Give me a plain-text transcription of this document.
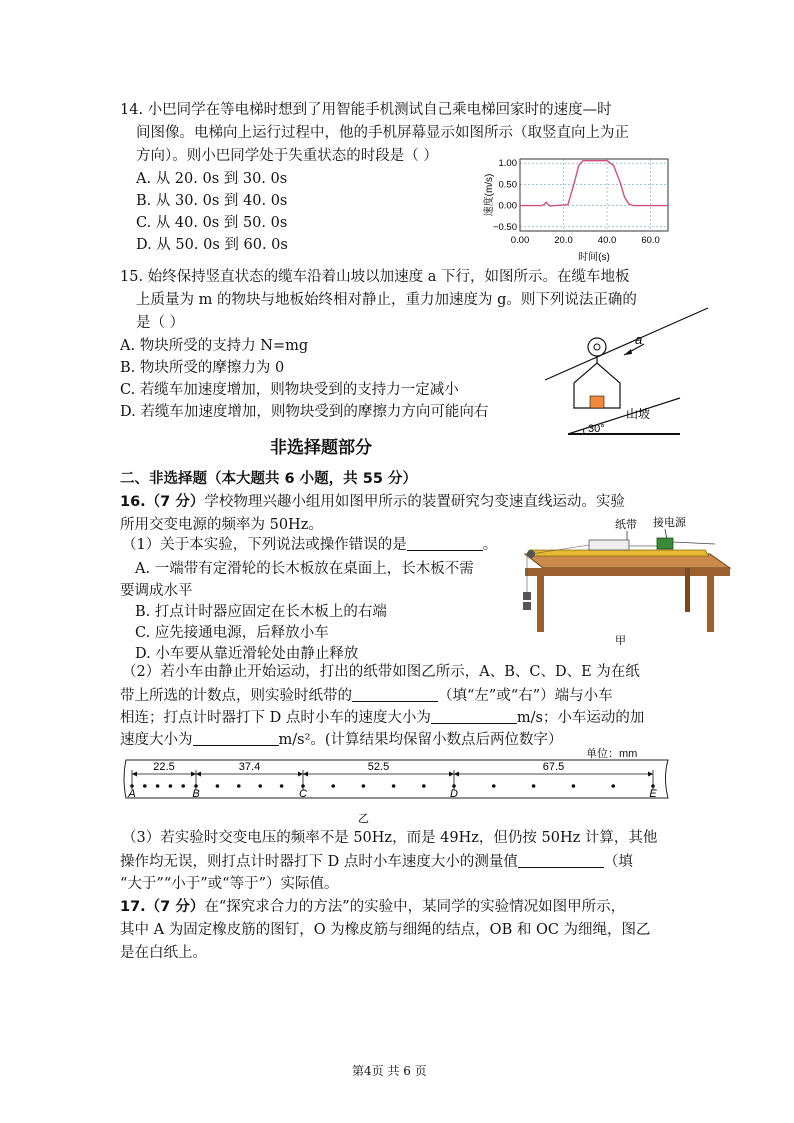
14. 小巴同学在等电梯时想到了用智能手机测试自己乘电梯回家时的速度—时
间图像。电梯向上运行过程中，他的手机屏幕显示如图所示（取竖直向上为正
方向）。则小巴同学处于失重状态的时段是（ ）
A. 从 20. 0s 到 30. 0s
B. 从 30. 0s 到 40. 0s
C. 从 40. 0s 到 50. 0s
D. 从 50. 0s 到 60. 0s
1.00
0.50
0.00
−0.50
0.00	20.0	40.0	60.0
速度(m/s)
时间(s)
15. 始终保持竖直状态的缆车沿着山坡以加速度 a 下行，如图所示。在缆车地板
上质量为 m 的物块与地板始终相对静止，重力加速度为 g。则下列说法正确的
是（ ）
A. 物块所受的支持力 N=mg
B. 物块所受的摩擦力为 0
C. 若缆车加速度增加，则物块受到的支持力一定减小
D. 若缆车加速度增加，则物块受到的摩擦力方向可能向右
a
30°
山坡
非选择题部分
二、非选择题（本大题共 6 小题，共 55 分）
16.（7 分）学校物理兴趣小组用如图甲所示的装置研究匀变速直线运动。实验
所用交变电源的频率为 50Hz。
（1）关于本实验，下列说法或操作错误的是	。
A. 一端带有定滑轮的长木板放在桌面上，长木板不需
要调成水平
B. 打点计时器应固定在长木板上的右端
C. 应先接通电源，后释放小车
D. 小车要从靠近滑轮处由静止释放
纸带 接电源
甲
（2）若小车由静止开始运动，打出的纸带如图乙所示，A、B、C、D、E 为在纸
带上所选的计数点，则实验时纸带的	（填“左”或“右”）端与小车
相连；打点计时器打下 D 点时小车的速度大小为	m/s；小车运动的加
速度大小为	m/s²。(计算结果均保留小数点后两位数字）
单位：mm
22.5	37.4	52.5	67.5
A	B	C	D	E
乙
（3）若实验时交变电压的频率不是 50Hz，而是 49Hz，但仍按 50Hz 计算，其他
操作均无误，则打点计时器打下 D 点时小车速度大小的测量值	（填
“大于”“小于”或“等于”）实际值。
17.（7 分）在“探究求合力的方法”的实验中，某同学的实验情况如图甲所示，
其中 A 为固定橡皮筋的图钉，O 为橡皮筋与细绳的结点，OB 和 OC 为细绳，图乙
是在白纸上。
第4页 共 6 页
